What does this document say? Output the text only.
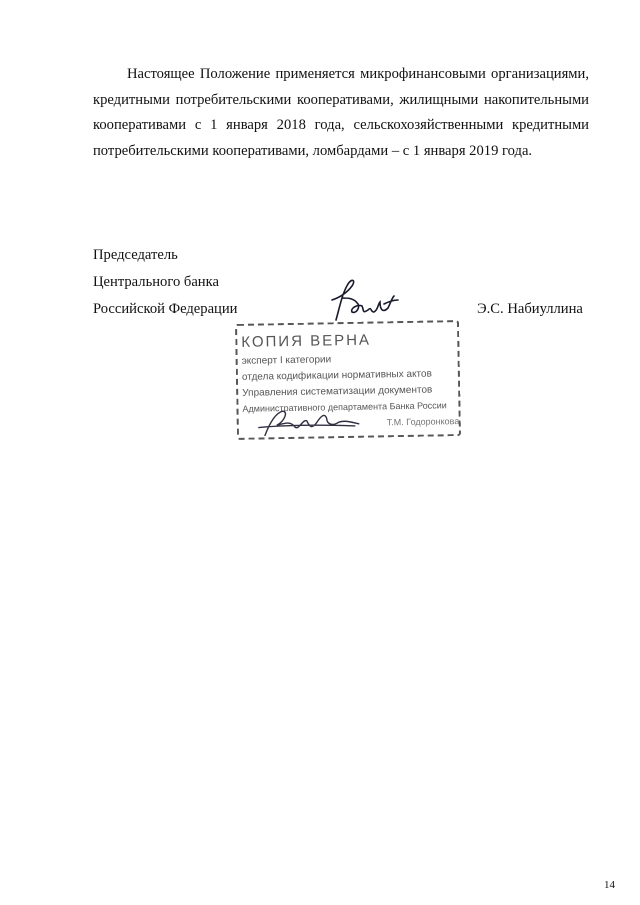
Настоящее Положение применяется микрофинансовыми организациями, кредитными потребительскими кооперативами, жилищными накопительными кооперативами с 1 января 2018 года, сельскохозяйственными кредитными потребительскими кооперативами, ломбардами – с 1 января 2019 года.

Председатель
Центрального банка
Российской Федерации	Э.С. Набиуллина
КОПИЯ ВЕРНА
эксперт I категории
отдела кодификации нормативных актов
Управления систематизации документов
Административного департамента Банка России
Т.М. Годоронкова
14
